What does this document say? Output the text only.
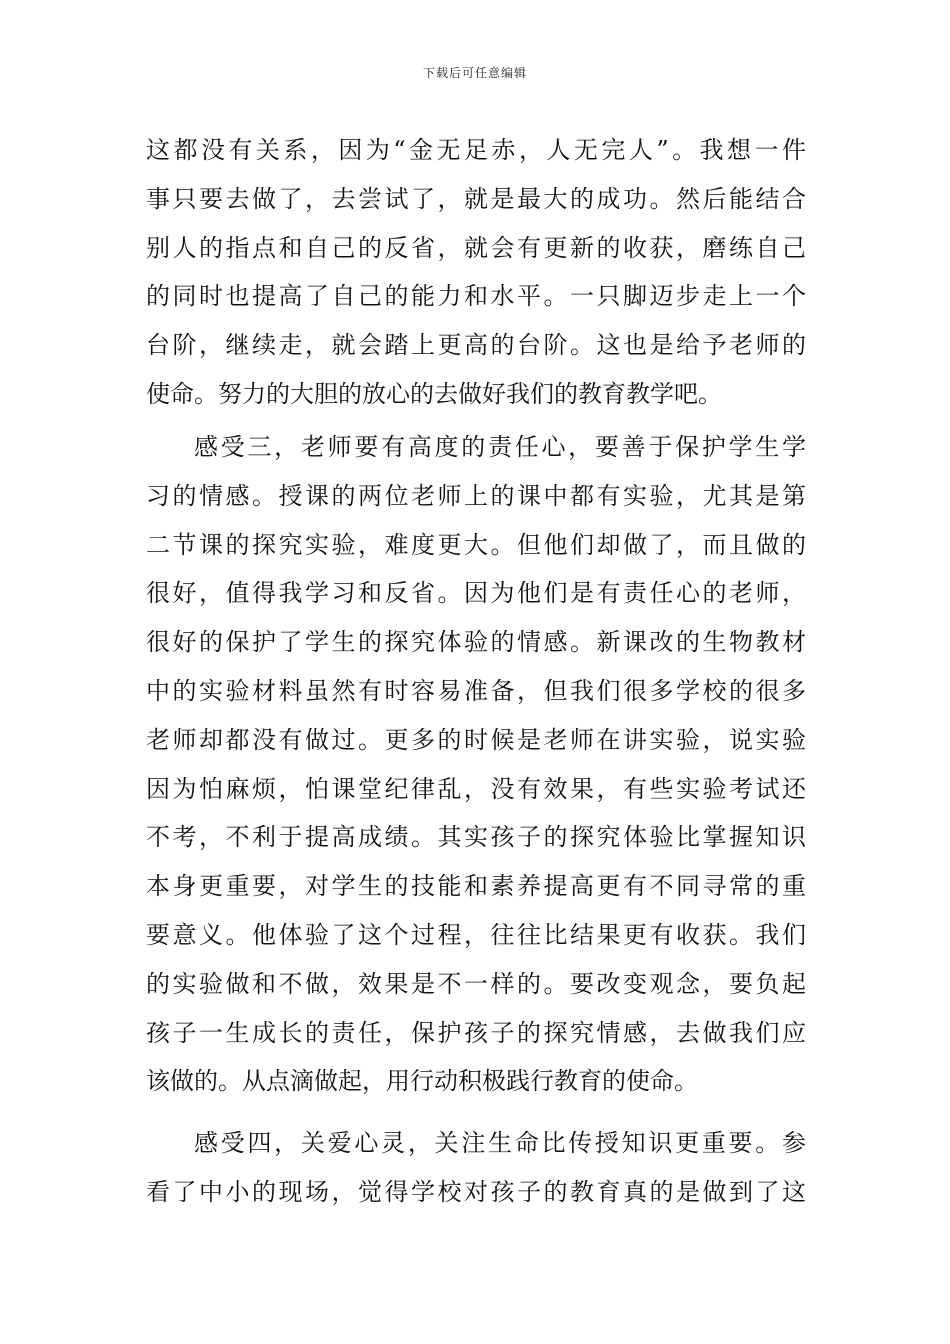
下载后可任意编辑
这都没有关系，因为“金无足赤，人无完人”。我想一件
事只要去做了，去尝试了，就是最大的成功。然后能结合
别人的指点和自己的反省，就会有更新的收获，磨练自己
的同时也提高了自己的能力和水平。一只脚迈步走上一个
台阶，继续走，就会踏上更高的台阶。这也是给予老师的
使命。努力的大胆的放心的去做好我们的教育教学吧。
感受三，老师要有高度的责任心，要善于保护学生学
习的情感。授课的两位老师上的课中都有实验，尤其是第
二节课的探究实验，难度更大。但他们却做了，而且做的
很好，值得我学习和反省。因为他们是有责任心的老师，
很好的保护了学生的探究体验的情感。新课改的生物教材
中的实验材料虽然有时容易准备，但我们很多学校的很多
老师却都没有做过。更多的时候是老师在讲实验，说实验
因为怕麻烦，怕课堂纪律乱，没有效果，有些实验考试还
不考，不利于提高成绩。其实孩子的探究体验比掌握知识
本身更重要，对学生的技能和素养提高更有不同寻常的重
要意义。他体验了这个过程，往往比结果更有收获。我们
的实验做和不做，效果是不一样的。要改变观念，要负起
孩子一生成长的责任，保护孩子的探究情感，去做我们应
该做的。从点滴做起，用行动积极践行教育的使命。
感受四，关爱心灵，关注生命比传授知识更重要。参
看了中小的现场，觉得学校对孩子的教育真的是做到了这
